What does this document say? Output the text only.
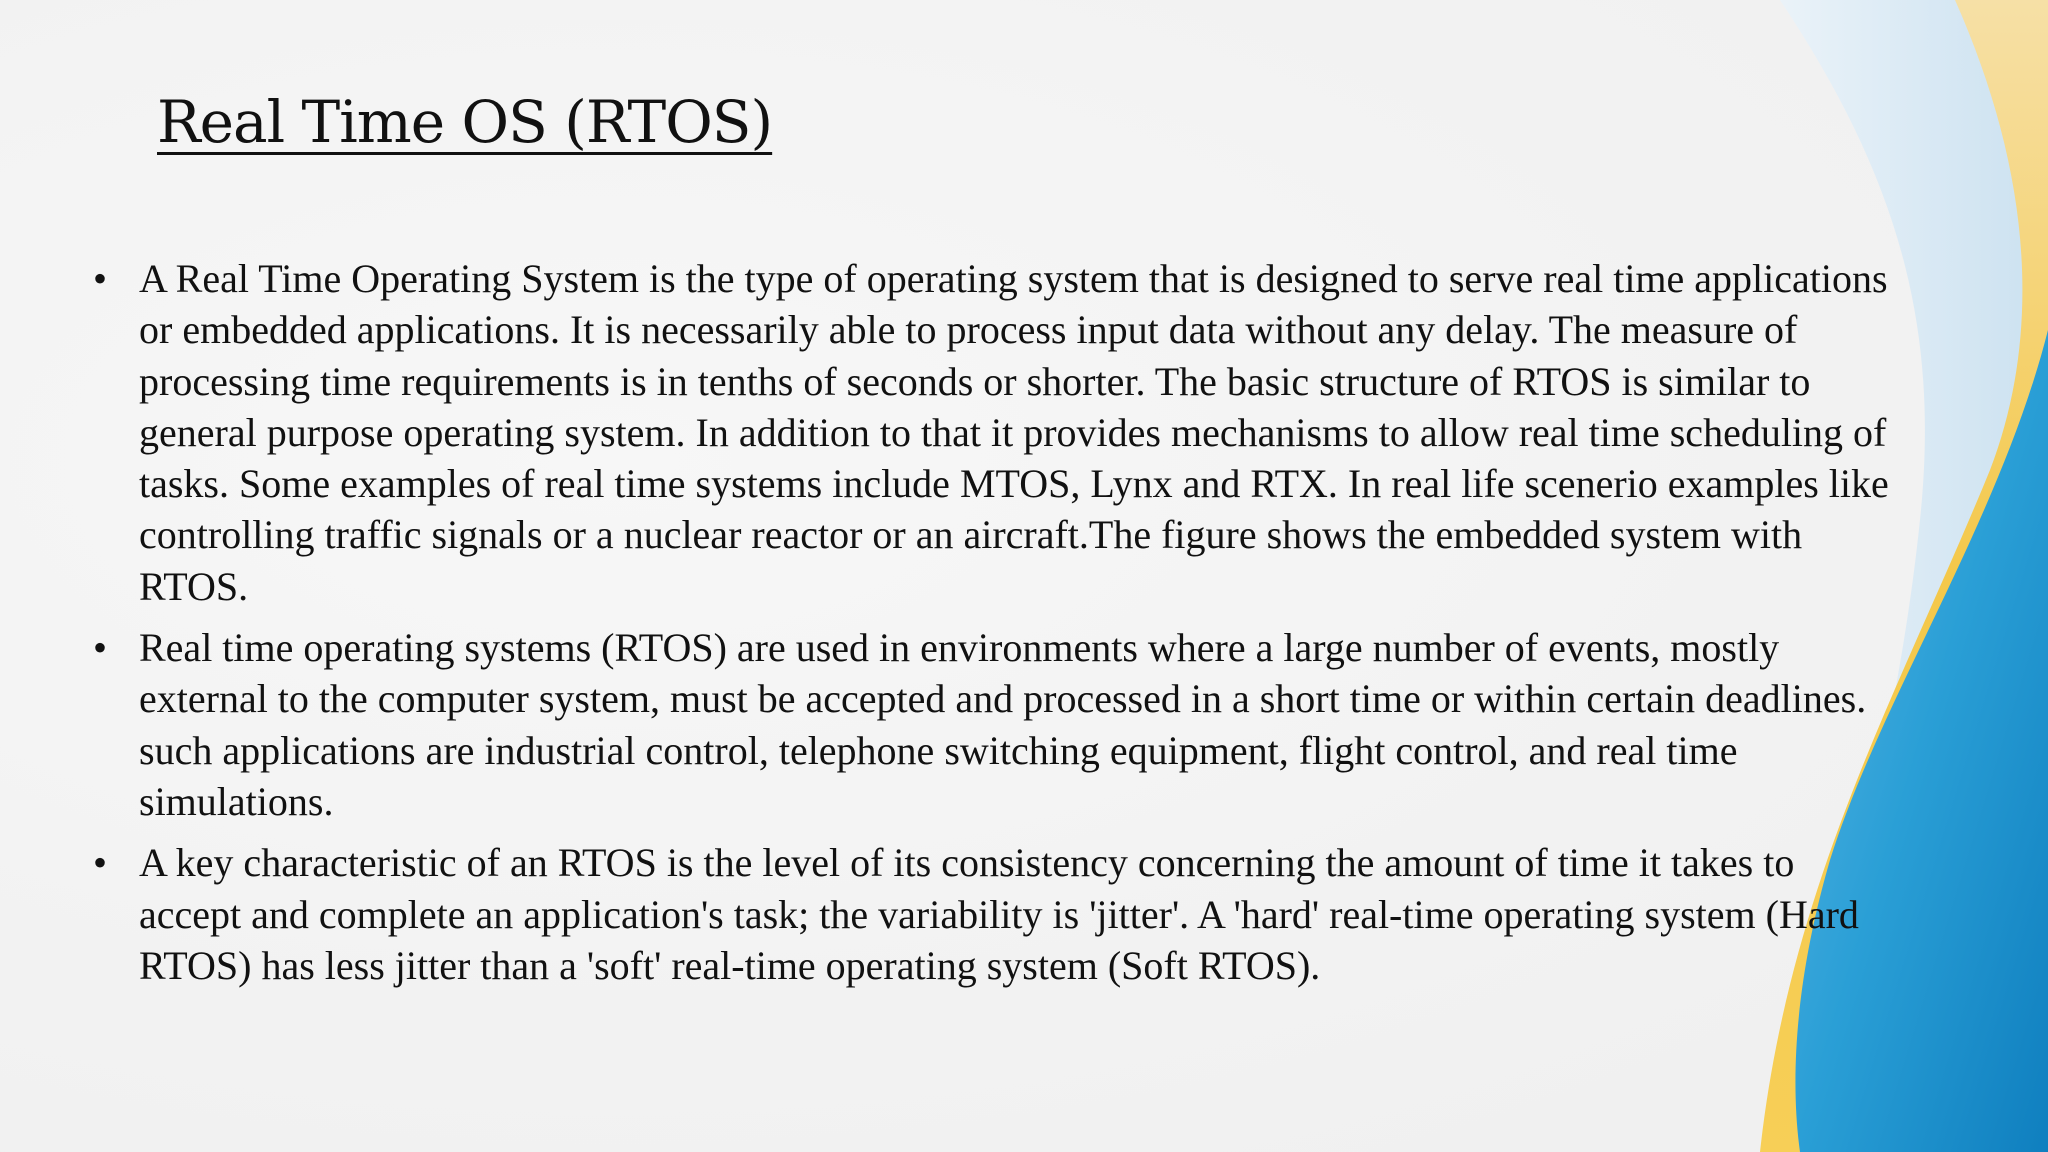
Real Time OS (RTOS)
• A Real Time Operating System is the type of operating system that is designed to serve real time applications or embedded applications. It is necessarily able to process input data without any delay. The measure of processing time requirements is in tenths of seconds or shorter. The basic structure of RTOS is similar to general purpose operating system. In addition to that it provides mechanisms to allow real time scheduling of tasks. Some examples of real time systems include MTOS, Lynx and RTX. In real life scenerio examples like controlling traffic signals or a nuclear reactor or an aircraft.The figure shows the embedded system with RTOS.
• Real time operating systems (RTOS) are used in environments where a large number of events, mostly external to the computer system, must be accepted and processed in a short time or within certain deadlines. such applications are industrial control, telephone switching equipment, flight control, and real time simulations.
• A key characteristic of an RTOS is the level of its consistency concerning the amount of time it takes to accept and complete an application's task; the variability is 'jitter'. A 'hard' real-time operating system (Hard RTOS) has less jitter than a 'soft' real-time operating system (Soft RTOS).
